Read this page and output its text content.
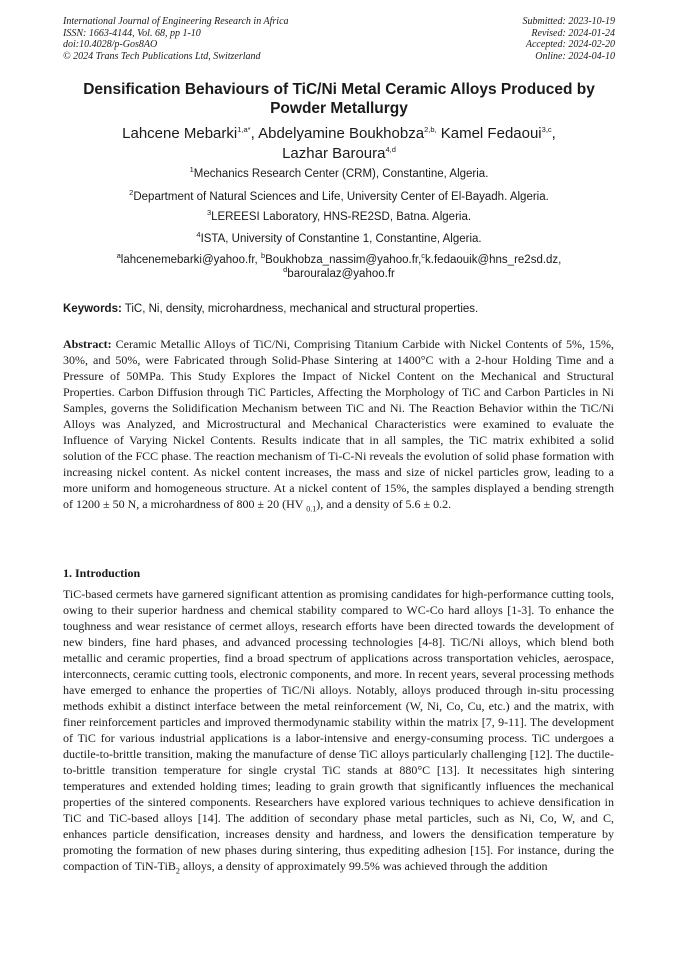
International Journal of Engineering Research in Africa
ISSN: 1663-4144, Vol. 68, pp 1-10
doi:10.4028/p-Gos8AO
© 2024 Trans Tech Publications Ltd, Switzerland
Submitted: 2023-10-19
Revised: 2024-01-24
Accepted: 2024-02-20
Online: 2024-04-10
Densification Behaviours of TiC/Ni Metal Ceramic Alloys Produced by Powder Metallurgy
Lahcene Mebarki$^{1,a*}$, Abdelyamine Boukhobza$^{2,b,}$ Kamel Fedaoui$^{3,c}$,
Lazhar Baroura$^{4,d}$
$^1$Mechanics Research Center (CRM), Constantine, Algeria.
$^2$Department of Natural Sciences and Life, University Center of El-Bayadh. Algeria.
$^3$LEREESI Laboratory, HNS-RE2SD, Batna. Algeria.
$^4$ISTA, University of Constantine 1, Constantine, Algeria.
$^a$lahcenemebarki@yahoo.fr, $^b$Boukhobza_nassim@yahoo.fr,$^c$k.fedaouik@hns_re2sd.dz,
$^d$barouralaz@yahoo.fr
Keywords: TiC, Ni, density, microhardness, mechanical and structural properties.
Abstract: Ceramic Metallic Alloys of TiC/Ni, Comprising Titanium Carbide with Nickel Contents of 5%, 15%, 30%, and 50%, were Fabricated through Solid-Phase Sintering at 1400°C with a 2-hour Holding Time and a Pressure of 50MPa. This Study Explores the Impact of Nickel Content on the Mechanical and Structural Properties. Carbon Diffusion through TiC Particles, Affecting the Morphology of TiC and Carbon Particles in Ni Samples, governs the Solidification Mechanism between TiC and Ni. The Reaction Behavior within the TiC/Ni Alloys was Analyzed, and Microstructural and Mechanical Characteristics were examined to evaluate the Influence of Varying Nickel Contents. Results indicate that in all samples, the TiC matrix exhibited a solid solution of the FCC phase. The reaction mechanism of Ti-C-Ni reveals the evolution of solid phase formation with increasing nickel content. As nickel content increases, the mass and size of nickel particles grow, leading to a more uniform and homogeneous structure. At a nickel content of 15%, the samples displayed a bending strength of 1200 ± 50 N, a microhardness of 800 ± 20 (HV $_{0.1}$), and a density of 5.6 ± 0.2.
1. Introduction
TiC-based cermets have garnered significant attention as promising candidates for high-performance cutting tools, owing to their superior hardness and chemical stability compared to WC-Co hard alloys [1-3]. To enhance the toughness and wear resistance of cermet alloys, research efforts have been directed towards the development of new binders, fine hard phases, and advanced processing technologies [4-8]. TiC/Ni alloys, which blend both metallic and ceramic properties, find a broad spectrum of applications across transportation vehicles, aerospace, interconnects, ceramic cutting tools, electronic components, and more. In recent years, several processing methods have emerged to enhance the properties of TiC/Ni alloys. Notably, alloys produced through in-situ processing methods exhibit a distinct interface between the metal reinforcement (W, Ni, Co, Cu, etc.) and the matrix, with finer reinforcement particles and improved thermodynamic stability within the matrix [7, 9-11]. The development of TiC for various industrial applications is a labor-intensive and energy-consuming process. TiC undergoes a ductile-to-brittle transition, making the manufacture of dense TiC alloys particularly challenging [12]. The ductile-to-brittle transition temperature for single crystal TiC stands at 880°C [13]. It necessitates high sintering temperatures and extended holding times; leading to grain growth that significantly influences the mechanical properties of the sintered components. Researchers have explored various techniques to achieve densification in TiC and TiC-based alloys [14]. The addition of secondary phase metal particles, such as Ni, Co, W, and C, enhances particle densification, increases density and hardness, and lowers the densification temperature by promoting the formation of new phases during sintering, thus expediting adhesion [15]. For instance, during the compaction of TiN-TiB$_2$ alloys, a density of approximately 99.5% was achieved through the addition
